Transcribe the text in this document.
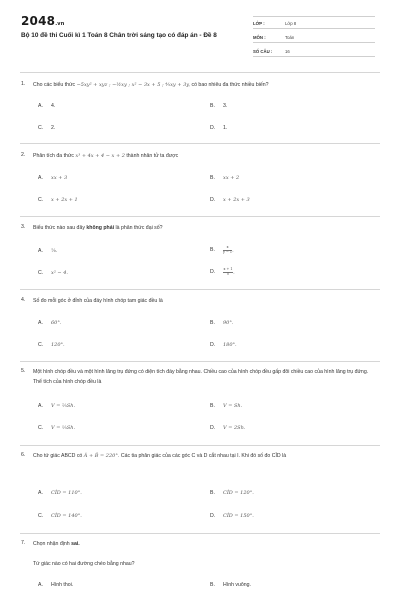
2048.vn
Bộ 10 đề thi Cuối kì 1 Toán 8 Chân trời sáng tạo có đáp án - Đề 8
LỚP :	Lớp 8
MÔN :	Toán
SỐ CÂU :	16
1. Cho các biểu thức −5xy² + xyz ; −½xy ; x² − 3x + 5 ; ⅘xy + 3y, có bao nhiêu đa thức nhiều biến?
A. 4.	B. 3.
C. 2.	D. 1.
2. Phân tích đa thức x³ + 4x + 4 − x + 2 thành nhân tử ta được
A. xx + 3	B. xx + 2
C. x + 2x + 1	D. x + 2x + 3
3. Biểu thức nào sau đây không phải là phân thức đại số?
A. ⅝.	B. $\frac{x}{y - 1}$ .
C. x² − 4.	D. $\frac{x + 1}{0}$ .
4. Số đo mỗi góc ở đỉnh của đáy hình chóp tam giác đều là
A. 60°.	B. 90°.
C. 120°.	D. 180°.
5. Một hình chóp đều và một hình lăng trụ đứng có diện tích đáy bằng nhau. Chiều cao của hình chóp đều gấp đôi chiều cao của hình lăng trụ đứng. Thể tích của hình chóp đều là
A. V = ⅔Sh.	B. V = Sh.
C. V = ⅓Sh.	D. V = 2Sh.
6. Cho tứ giác ABCD có Â + B̂ = 220°. Các tia phân giác của các góc C và D cắt nhau tại I. Khi đó số đo CÎD là
A. CÎD = 110°.	B. CÎD = 120°.
C. CÎD = 140°.	D. CÎD = 150°.
7. Chọn nhận định sai.
Tứ giác nào có hai đường chéo bằng nhau?
A. Hình thoi.	B. Hình vuông.
